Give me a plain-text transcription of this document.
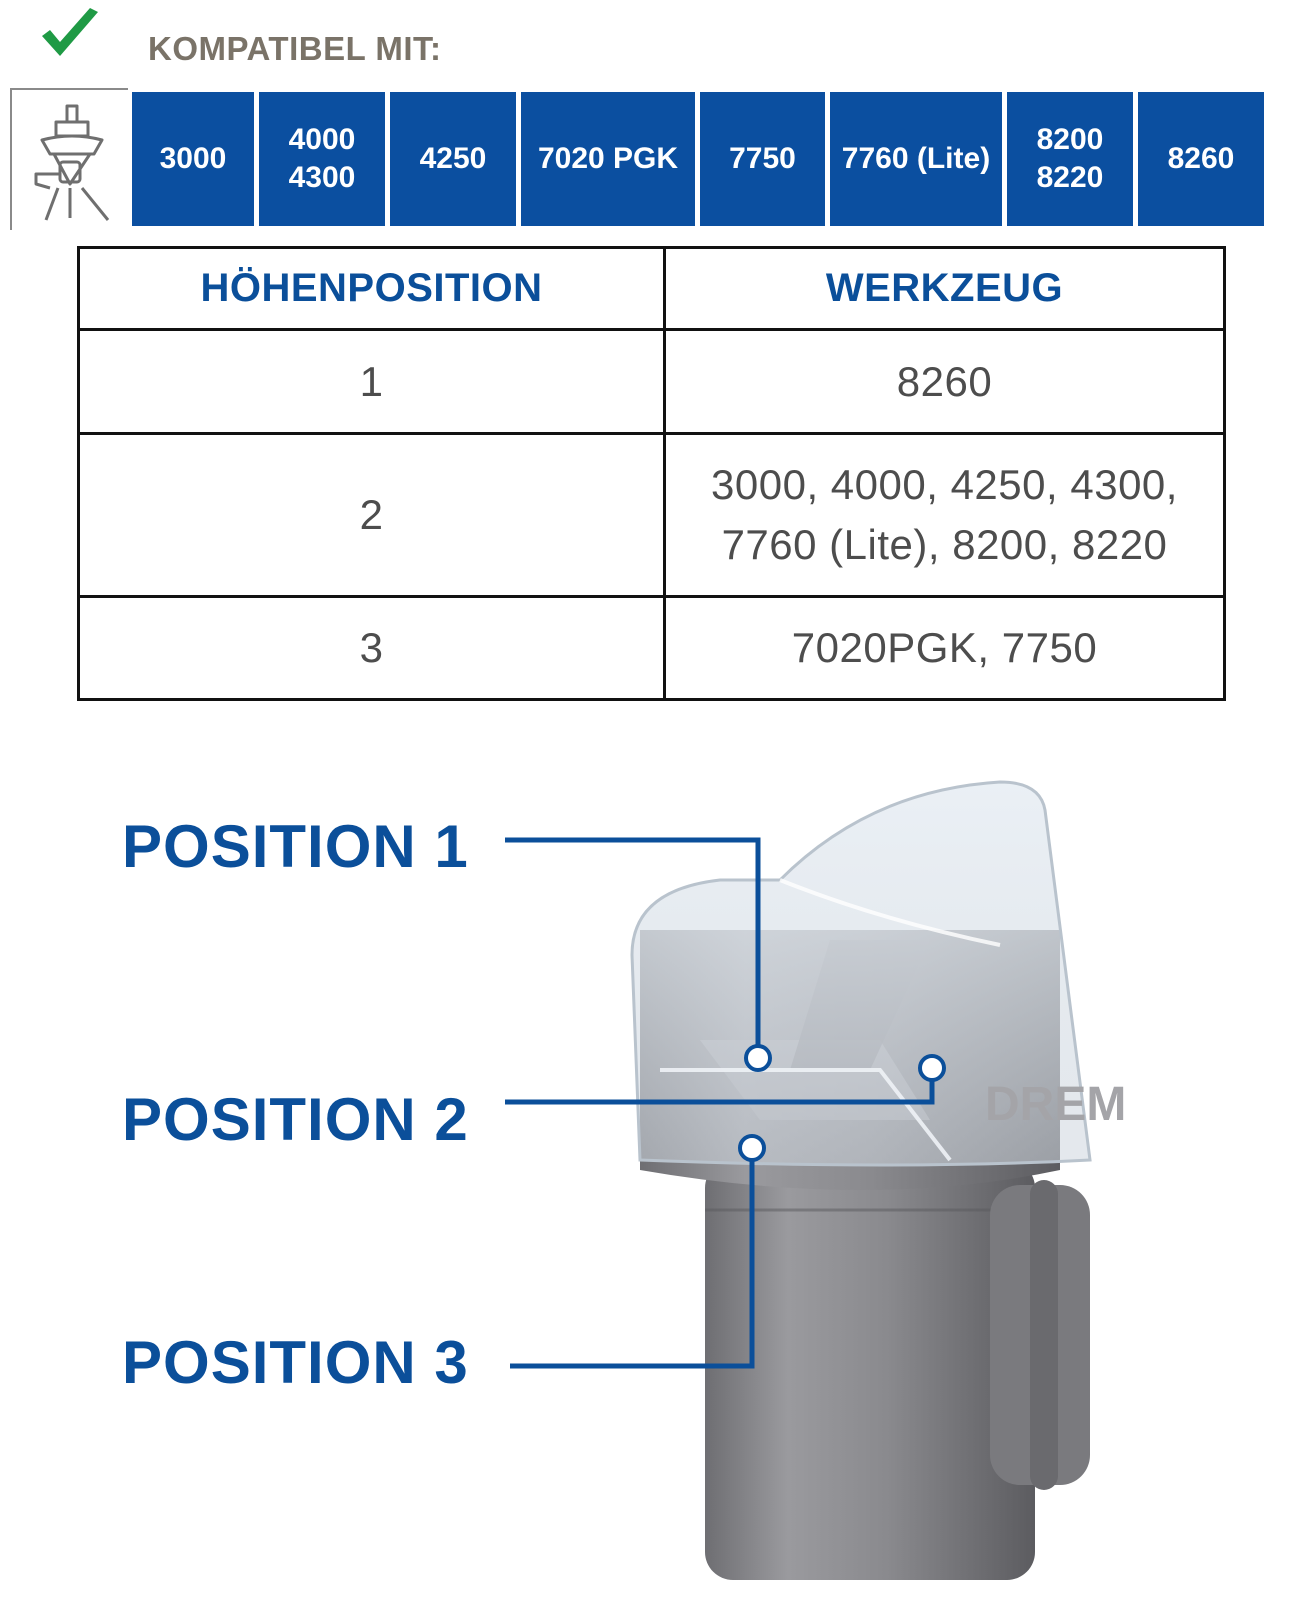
KOMPATIBEL MIT:
3000
4000
4300
4250	7020 PGK	7750	7760 (Lite)
8200
8220
8260
HÖHENPOSITION	WERKZEUG
1	8260
2	3000, 4000, 4250, 4300, 7760 (Lite), 8200, 8220
3	7020PGK, 7750
POSITION 1
POSITION 2
POSITION 3
DREM
